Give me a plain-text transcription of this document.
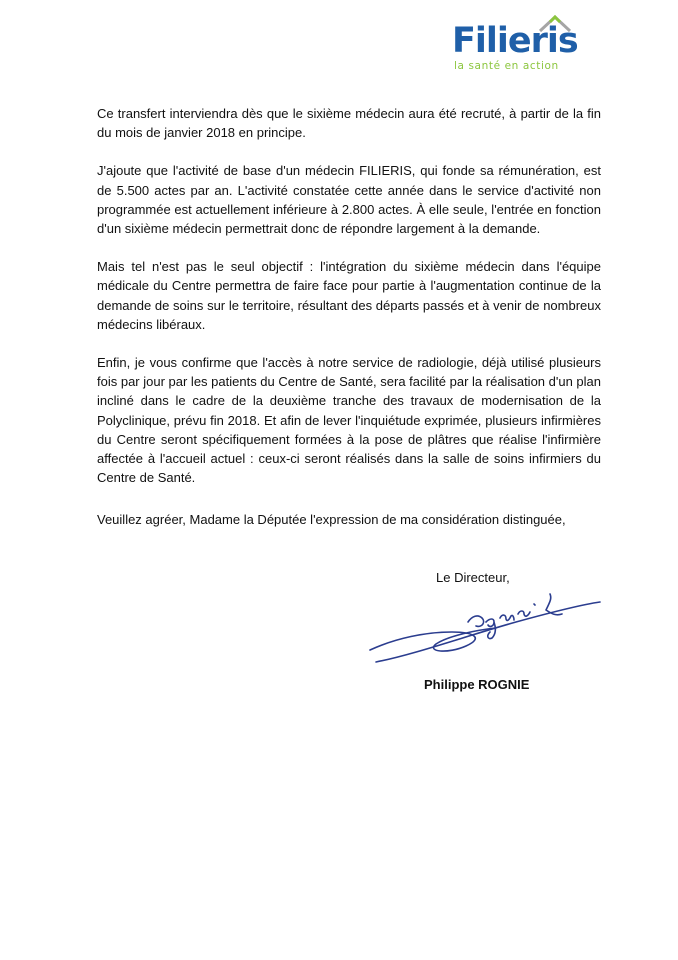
Filieris
la santé en action

Ce transfert interviendra dès que le sixième médecin aura été recruté, à partir de la fin du mois de janvier 2018 en principe.

J'ajoute que l'activité de base d'un médecin FILIERIS, qui fonde sa rémunération, est de 5.500 actes par an. L'activité constatée cette année dans le service d'activité non programmée est actuellement inférieure à 2.800 actes. À elle seule, l'entrée en fonction d'un sixième médecin permettrait donc de répondre largement à la demande.

Mais tel n'est pas le seul objectif : l'intégration du sixième médecin dans l'équipe médicale du Centre permettra de faire face pour partie à l'augmentation continue de la demande de soins sur le territoire, résultant des départs passés et à venir de nombreux médecins libéraux.

Enfin, je vous confirme que l'accès à notre service de radiologie, déjà utilisé plusieurs fois par jour par les patients du Centre de Santé, sera facilité par la réalisation d'un plan incliné dans le cadre de la deuxième tranche des travaux de modernisation de la Polyclinique, prévu fin 2018. Et afin de lever l'inquiétude exprimée, plusieurs infirmières du Centre seront spécifiquement formées à la pose de plâtres que réalise l'infirmière affectée à l'accueil actuel : ceux-ci seront réalisés dans la salle de soins infirmiers du Centre de Santé.

Veuillez agréer, Madame la Députée l'expression de ma considération distinguée,
Le Directeur,
Philippe ROGNIE
